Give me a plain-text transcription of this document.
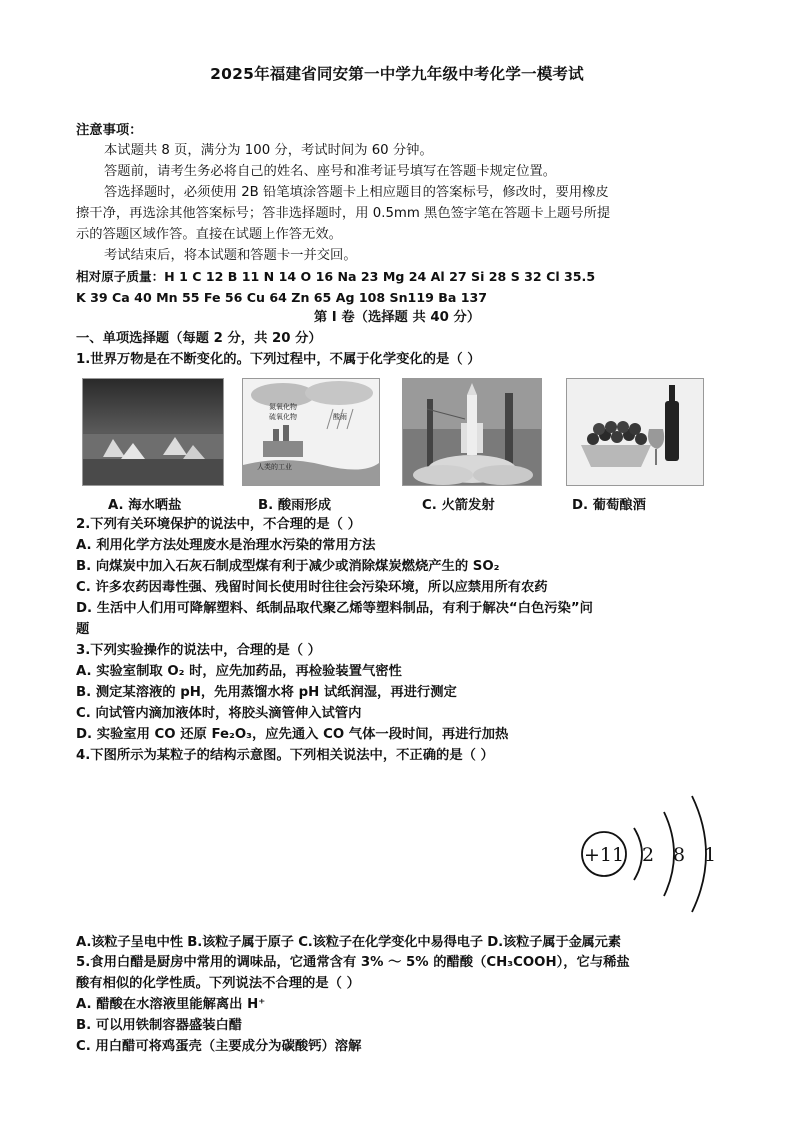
2025年福建省同安第一中学九年级中考化学一模考试
注意事项：
本试题共 8 页，满分为 100 分，考试时间为 60 分钟。
答题前，请考生务必将自己的姓名、座号和准考证号填写在答题卡规定位置。
答选择题时，必须使用 2B 铅笔填涂答题卡上相应题目的答案标号，修改时，要用橡皮
擦干净，再选涂其他答案标号；答非选择题时，用 0.5mm 黑色签字笔在答题卡上题号所提
示的答题区域作答。直接在试题上作答无效。
考试结束后，将本试题和答题卡一并交回。
相对原子质量：H 1 C 12 B 11 N 14 O 16 Na 23 Mg 24 Al 27 Si 28 S 32 Cl 35.5
K 39 Ca 40 Mn 55 Fe 56 Cu 64 Zn 65 Ag 108 Sn119 Ba 137
第 I 卷（选择题 共 40 分）
一、单项选择题（每题 2 分，共 20 分）
1.世界万物是在不断变化的。下列过程中，不属于化学变化的是（ ）
氮氧化物
硫氧化物	酸雨
人类的工业
A. 海水晒盐	B. 酸雨形成	C. 火箭发射	D. 葡萄酿酒
2.下列有关环境保护的说法中，不合理的是（ ）
A. 利用化学方法处理废水是治理水污染的常用方法
B. 向煤炭中加入石灰石制成型煤有利于减少或消除煤炭燃烧产生的 SO₂
C. 许多农药因毒性强、残留时间长使用时往往会污染环境，所以应禁用所有农药
D. 生活中人们用可降解塑料、纸制品取代聚乙烯等塑料制品，有利于解决“白色污染”问
题
3.下列实验操作的说法中，合理的是（ ）
A. 实验室制取 O₂ 时，应先加药品，再检验装置气密性
B. 测定某溶液的 pH，先用蒸馏水将 pH 试纸润湿，再进行测定
C. 向试管内滴加液体时，将胶头滴管伸入试管内
D. 实验室用 CO 还原 Fe₂O₃，应先通入 CO 气体一段时间，再进行加热
4.下图所示为某粒子的结构示意图。下列相关说法中，不正确的是（ ）
+11 2 8 1
A.该粒子呈电中性 B.该粒子属于原子 C.该粒子在化学变化中易得电子 D.该粒子属于金属元素
5.食用白醋是厨房中常用的调味品，它通常含有 3% ～ 5% 的醋酸（CH₃COOH），它与稀盐
酸有相似的化学性质。下列说法不合理的是（ ）
A. 醋酸在水溶液里能解离出 H⁺
B. 可以用铁制容器盛装白醋
C. 用白醋可将鸡蛋壳（主要成分为碳酸钙）溶解
